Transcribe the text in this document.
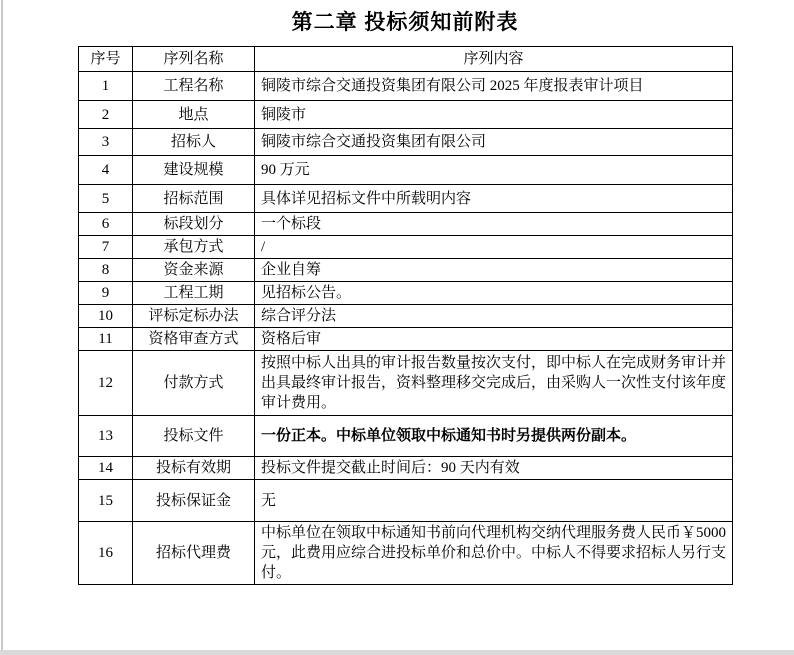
第二章 投标须知前附表
序号	序列名称	序列内容
1	工程名称	铜陵市综合交通投资集团有限公司 2025 年度报表审计项目
2	地点	铜陵市
3	招标人	铜陵市综合交通投资集团有限公司
4	建设规模	90 万元
5	招标范围	具体详见招标文件中所载明内容
6	标段划分	一个标段
7	承包方式	/
8	资金来源	企业自筹
9	工程工期	见招标公告。
10	评标定标办法	综合评分法
11	资格审查方式	资格后审
12	付款方式	按照中标人出具的审计报告数量按次支付，即中标人在完成财务审计并出具最终审计报告，资料整理移交完成后，由采购人一次性支付该年度审计费用。
13	投标文件	一份正本。中标单位领取中标通知书时另提供两份副本。
14	投标有效期	投标文件提交截止时间后：90 天内有效
15	投标保证金	无
16	招标代理费	中标单位在领取中标通知书前向代理机构交纳代理服务费人民币￥5000 元，此费用应综合进投标单价和总价中。中标人不得要求招标人另行支付。
